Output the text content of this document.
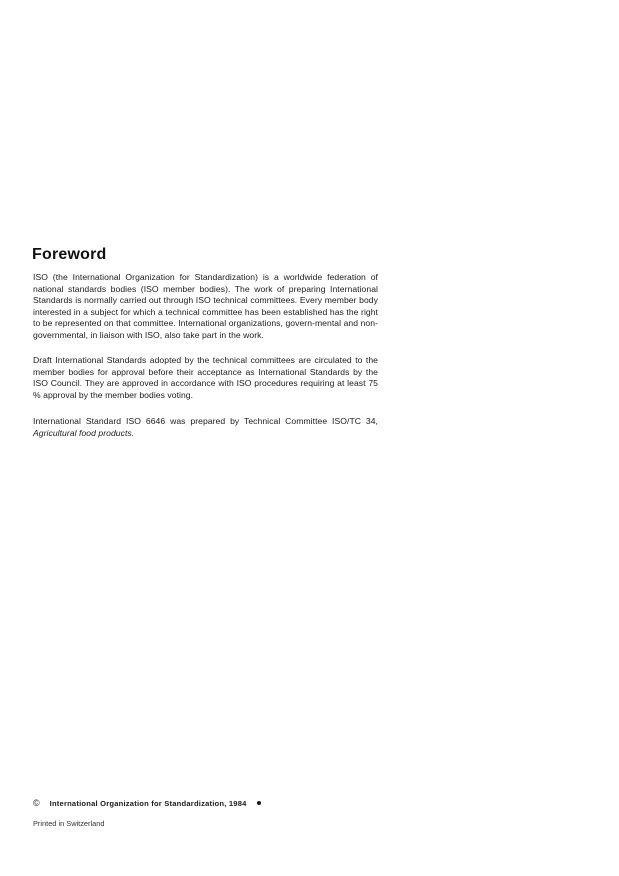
Foreword

ISO (the International Organization for Standardization) is a worldwide federation of national standards bodies (ISO member bodies). The work of preparing International Standards is normally carried out through ISO technical committees. Every member body interested in a subject for which a technical committee has been established has the right to be represented on that committee. International organizations, govern-mental and non-governmental, in liaison with ISO, also take part in the work.

Draft International Standards adopted by the technical committees are circulated to the member bodies for approval before their acceptance as International Standards by the ISO Council. They are approved in accordance with ISO procedures requiring at least 75 % approval by the member bodies voting.

International Standard ISO 6646 was prepared by Technical Committee ISO/TC 34, Agricultural food products.

© International Organization for Standardization, 1984
Printed in Switzerland
